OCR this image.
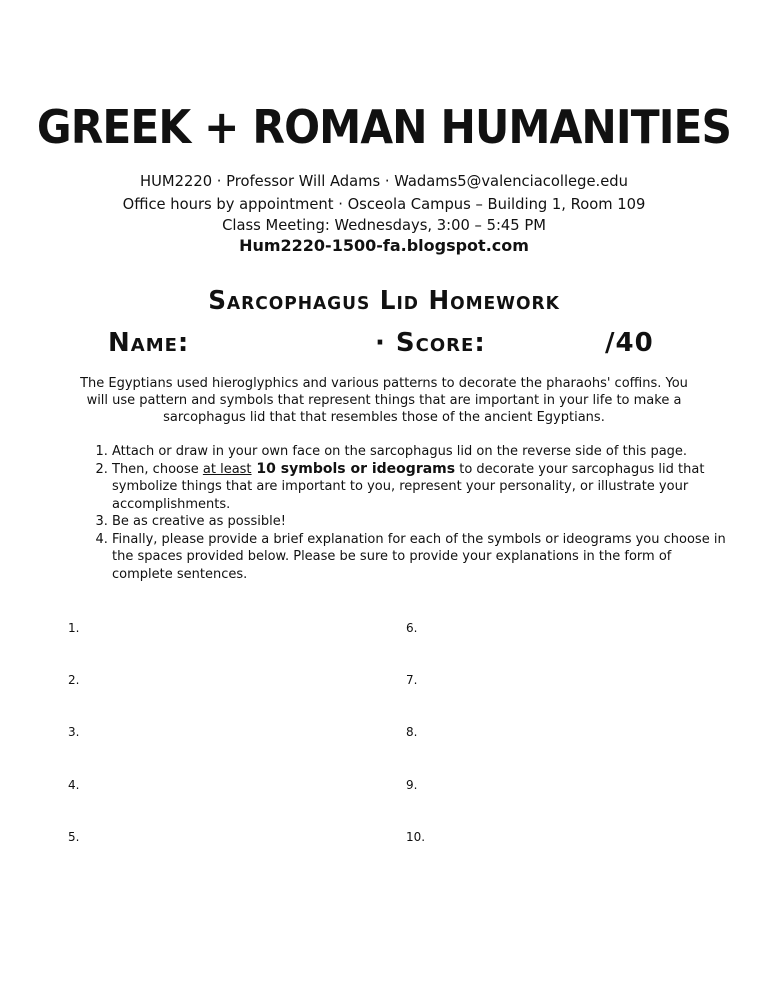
GREEK + ROMAN HUMANITIES
HUM2220 · Professor Will Adams · Wadams5@valenciacollege.edu
Office hours by appointment · Osceola Campus – Building 1, Room 109
Class Meeting: Wednesdays, 3:00 – 5:45 PM
Hum2220-1500-fa.blogspot.com
Sarcophagus Lid Homework
Name:	· Score:	/40
The Egyptians used hieroglyphics and various patterns to decorate the pharaohs' coffins. You will use pattern and symbols that represent things that are important in your life to make a sarcophagus lid that that resembles those of the ancient Egyptians.
1. Attach or draw in your own face on the sarcophagus lid on the reverse side of this page.
2. Then, choose at least 10 symbols or ideograms to decorate your sarcophagus lid that symbolize things that are important to you, represent your personality, or illustrate your accomplishments.
3. Be as creative as possible!
4. Finally, please provide a brief explanation for each of the symbols or ideograms you choose in the spaces provided below. Please be sure to provide your explanations in the form of complete sentences.
1.
2.
3.
4.
5.
6.
7.
8.
9.
10.
